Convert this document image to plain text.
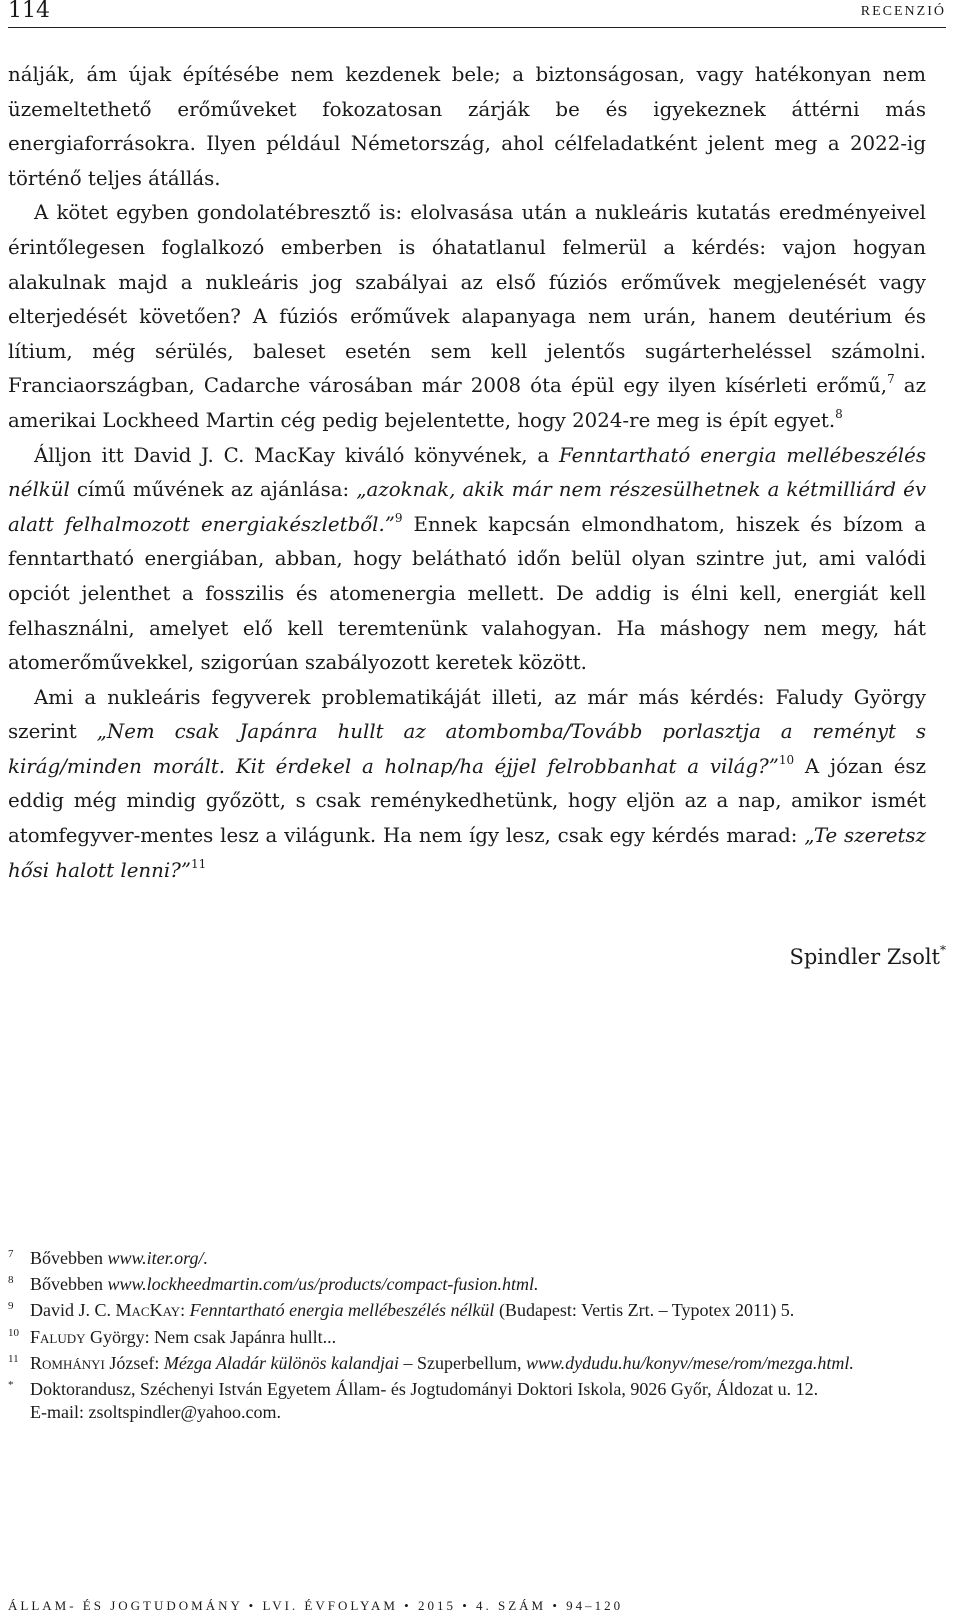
114	RECENZIÓ

nálják, ám újak építésébe nem kezdenek bele; a biztonságosan, vagy hatékonyan nem üzemeltethető erőműveket fokozatosan zárják be és igyekeznek áttérni más energiaforrásokra. Ilyen például Németország, ahol célfeladatként jelent meg a 2022-ig történő teljes átállás.

A kötet egyben gondolatébresztő is: elolvasása után a nukleáris kutatás eredményeivel érintőlegesen foglalkozó emberben is óhatatlanul felmerül a kérdés: vajon hogyan alakulnak majd a nukleáris jog szabályai az első fúziós erőművek megjelenését vagy elterjedését követően? A fúziós erőművek alapanyaga nem urán, hanem deutérium és lítium, még sérülés, baleset esetén sem kell jelentős sugárterheléssel számolni. Franciaországban, Cadarche városában már 2008 óta épül egy ilyen kísérleti erőmű,$^7$ az amerikai Lockheed Martin cég pedig bejelentette, hogy 2024-re meg is épít egyet.$^8$

Álljon itt David J. C. MacKay kiváló könyvének, a Fenntartható energia mellébeszélés nélkül című művének az ajánlása: „azoknak, akik már nem részesülhetnek a kétmilliárd év alatt felhalmozott energiakészletből.”$^9$ Ennek kapcsán elmondhatom, hiszek és bízom a fenntartható energiában, abban, hogy belátható időn belül olyan szintre jut, ami valódi opciót jelenthet a fosszilis és atomenergia mellett. De addig is élni kell, energiát kell felhasználni, amelyet elő kell teremtenünk valahogyan. Ha máshogy nem megy, hát atomerőművekkel, szigorúan szabályozott keretek között.

Ami a nukleáris fegyverek problematikáját illeti, az már más kérdés: Faludy György szerint „Nem csak Japánra hullt az atombomba/Tovább porlasztja a reményt s kirág/minden morált. Kit érdekel a holnap/ha éjjel felrobbanhat a világ?”$^{10}$ A józan ész eddig még mindig győzött, s csak reménykedhetünk, hogy eljön az a nap, amikor ismét atomfegyver-mentes lesz a világunk. Ha nem így lesz, csak egy kérdés marad: „Te szeretsz hősi halott lenni?”$^{11}$

Spindler Zsolt*
7 Bővebben www.iter.org/.
8 Bővebben www.lockheedmartin.com/us/products/compact-fusion.html.
9 David J. C. MacKay: Fenntartható energia mellébeszélés nélkül (Budapest: Vertis Zrt. – Typotex 2011) 5.
10 Faludy György: Nem csak Japánra hullt...
11 Romhányi József: Mézga Aladár különös kalandjai – Szuperbellum, www.dydudu.hu/konyv/mese/rom/mezga.html.
* Doktorandusz, Széchenyi István Egyetem Állam- és Jogtudományi Doktori Iskola, 9026 Győr, Áldozat u. 12.
E-mail: zsoltspindler@yahoo.com.
ÁLLAM- ÉS JOGTUDOMÁNY • LVI. ÉVFOLYAM • 2015 • 4. SZÁM • 94–120
